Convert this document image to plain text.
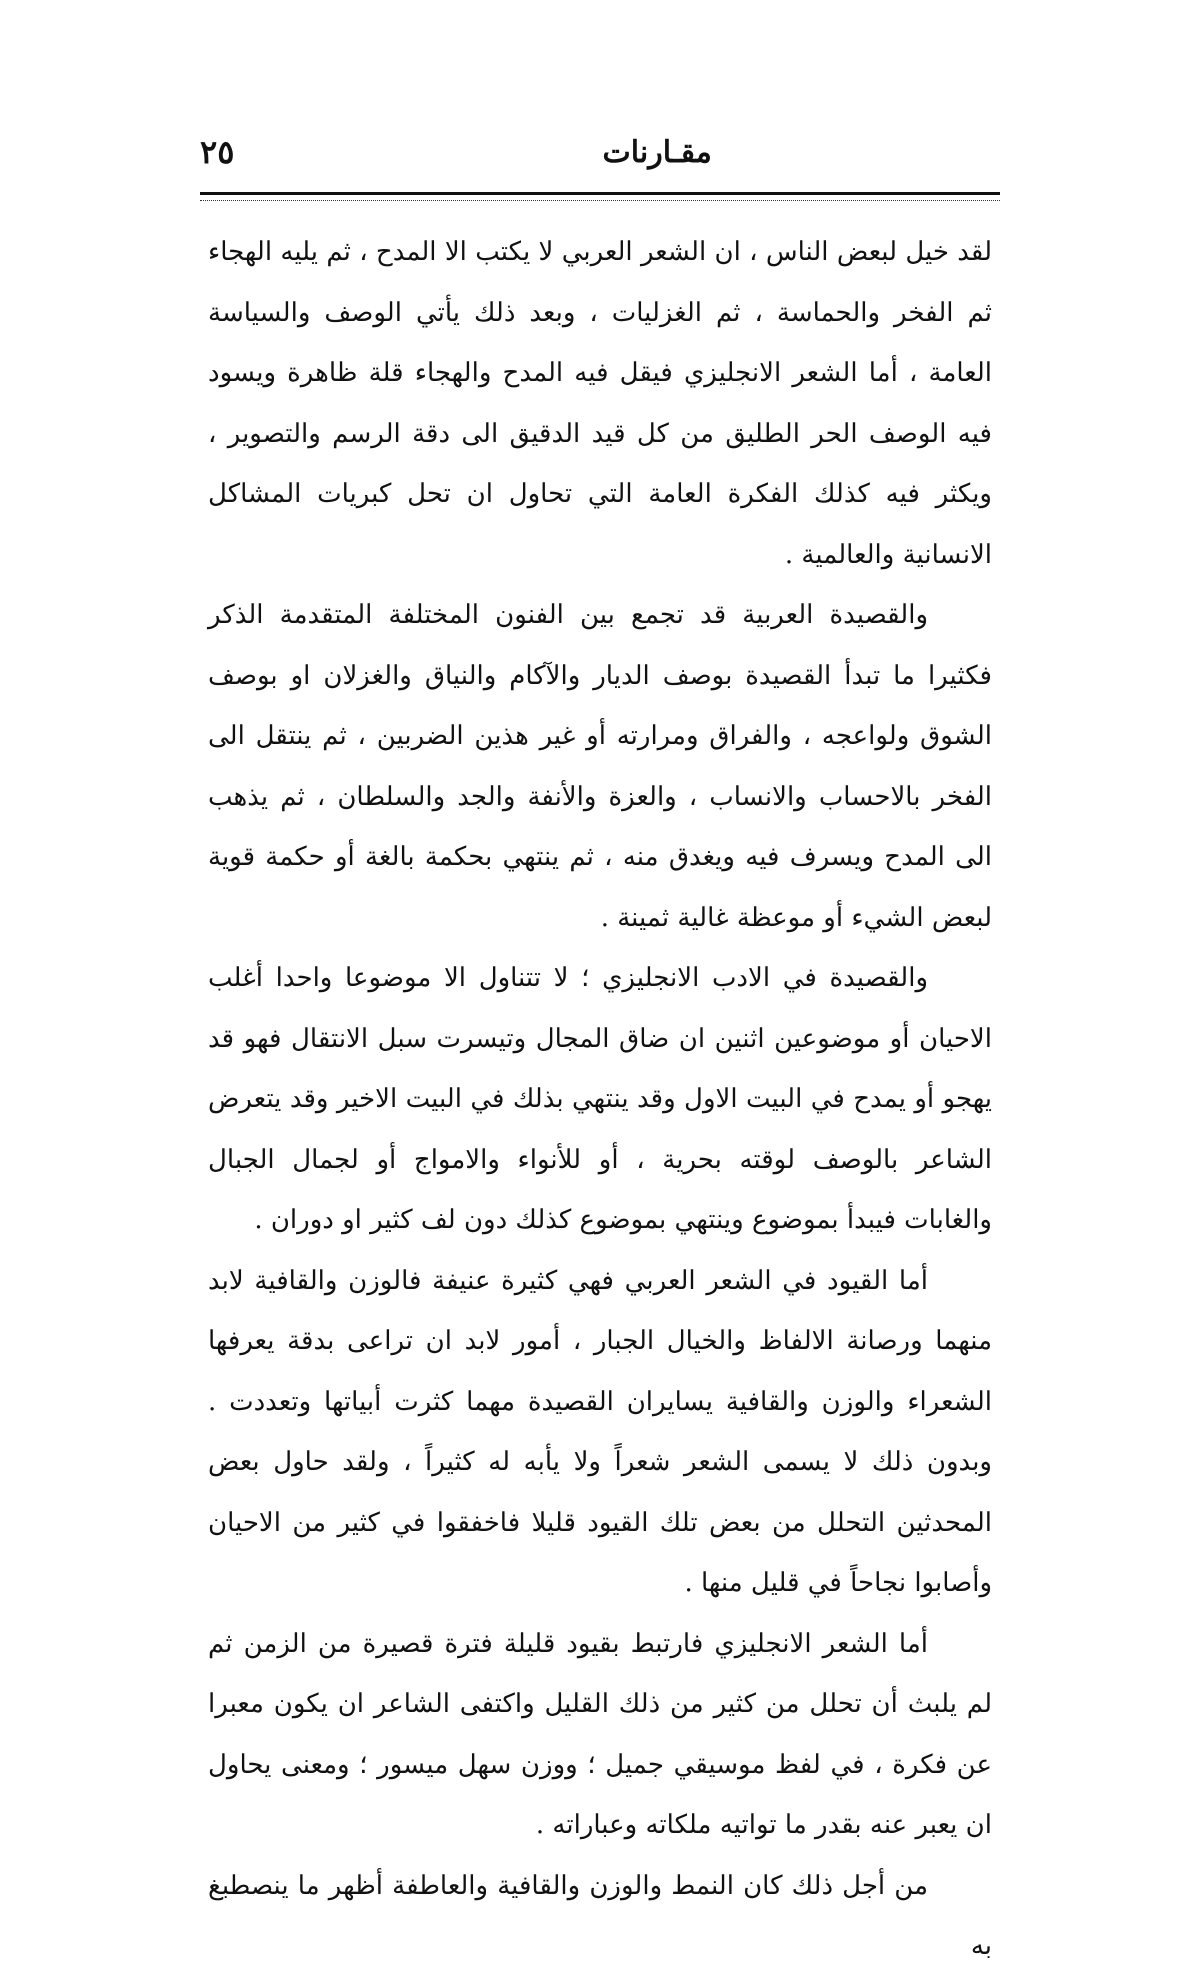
مقـارنات
٢٥

لقد خيل لبعض الناس ، ان الشعر العربي لا يكتب الا المدح ، ثم يليه الهجاء ثم الفخر والحماسة ، ثم الغزليات ، وبعد ذلك يأتي الوصف والسياسة العامة ، أما الشعر الانجليزي فيقل فيه المدح والهجاء قلة ظاهرة ويسود فيه الوصف الحر الطليق من كل قيد الدقيق الى دقة الرسم والتصوير ، ويكثر فيه كذلك الفكرة العامة التي تحاول ان تحل كبريات المشاكل الانسانية والعالمية .

والقصيدة العربية قد تجمع بين الفنون المختلفة المتقدمة الذكر فكثيرا ما تبدأ القصيدة بوصف الديار والآكام والنياق والغزلان او بوصف الشوق ولواعجه ، والفراق ومرارته أو غير هذين الضربين ، ثم ينتقل الى الفخر بالاحساب والانساب ، والعزة والأنفة والجد والسلطان ، ثم يذهب الى المدح ويسرف فيه ويغدق منه ، ثم ينتهي بحكمة بالغة أو حكمة قوية لبعض الشيء أو موعظة غالية ثمينة .

والقصيدة في الادب الانجليزي ؛ لا تتناول الا موضوعا واحدا أغلب الاحيان أو موضوعين اثنين ان ضاق المجال وتيسرت سبل الانتقال فهو قد يهجو أو يمدح في البيت الاول وقد ينتهي بذلك في البيت الاخير وقد يتعرض الشاعر بالوصف لوقته بحرية ، أو للأنواء والامواج أو لجمال الجبال والغابات فيبدأ بموضوع وينتهي بموضوع كذلك دون لف كثير او دوران .

أما القيود في الشعر العربي فهي كثيرة عنيفة فالوزن والقافية لابد منهما ورصانة الالفاظ والخيال الجبار ، أمور لابد ان تراعى بدقة يعرفها الشعراء والوزن والقافية يسايران القصيدة مهما كثرت أبياتها وتعددت . وبدون ذلك لا يسمى الشعر شعراً ولا يأبه له كثيراً ، ولقد حاول بعض المحدثين التحلل من بعض تلك القيود قليلا فاخفقوا في كثير من الاحيان وأصابوا نجاحاً في قليل منها .

أما الشعر الانجليزي فارتبط بقيود قليلة فترة قصيرة من الزمن ثم لم يلبث أن تحلل من كثير من ذلك القليل واكتفى الشاعر ان يكون معبرا عن فكرة ، في لفظ موسيقي جميل ؛ ووزن سهل ميسور ؛ ومعنى يحاول ان يعبر عنه بقدر ما تواتيه ملكاته وعباراته .

من أجل ذلك كان النمط والوزن والقافية والعاطفة أظهر ما ينصطبغ به
